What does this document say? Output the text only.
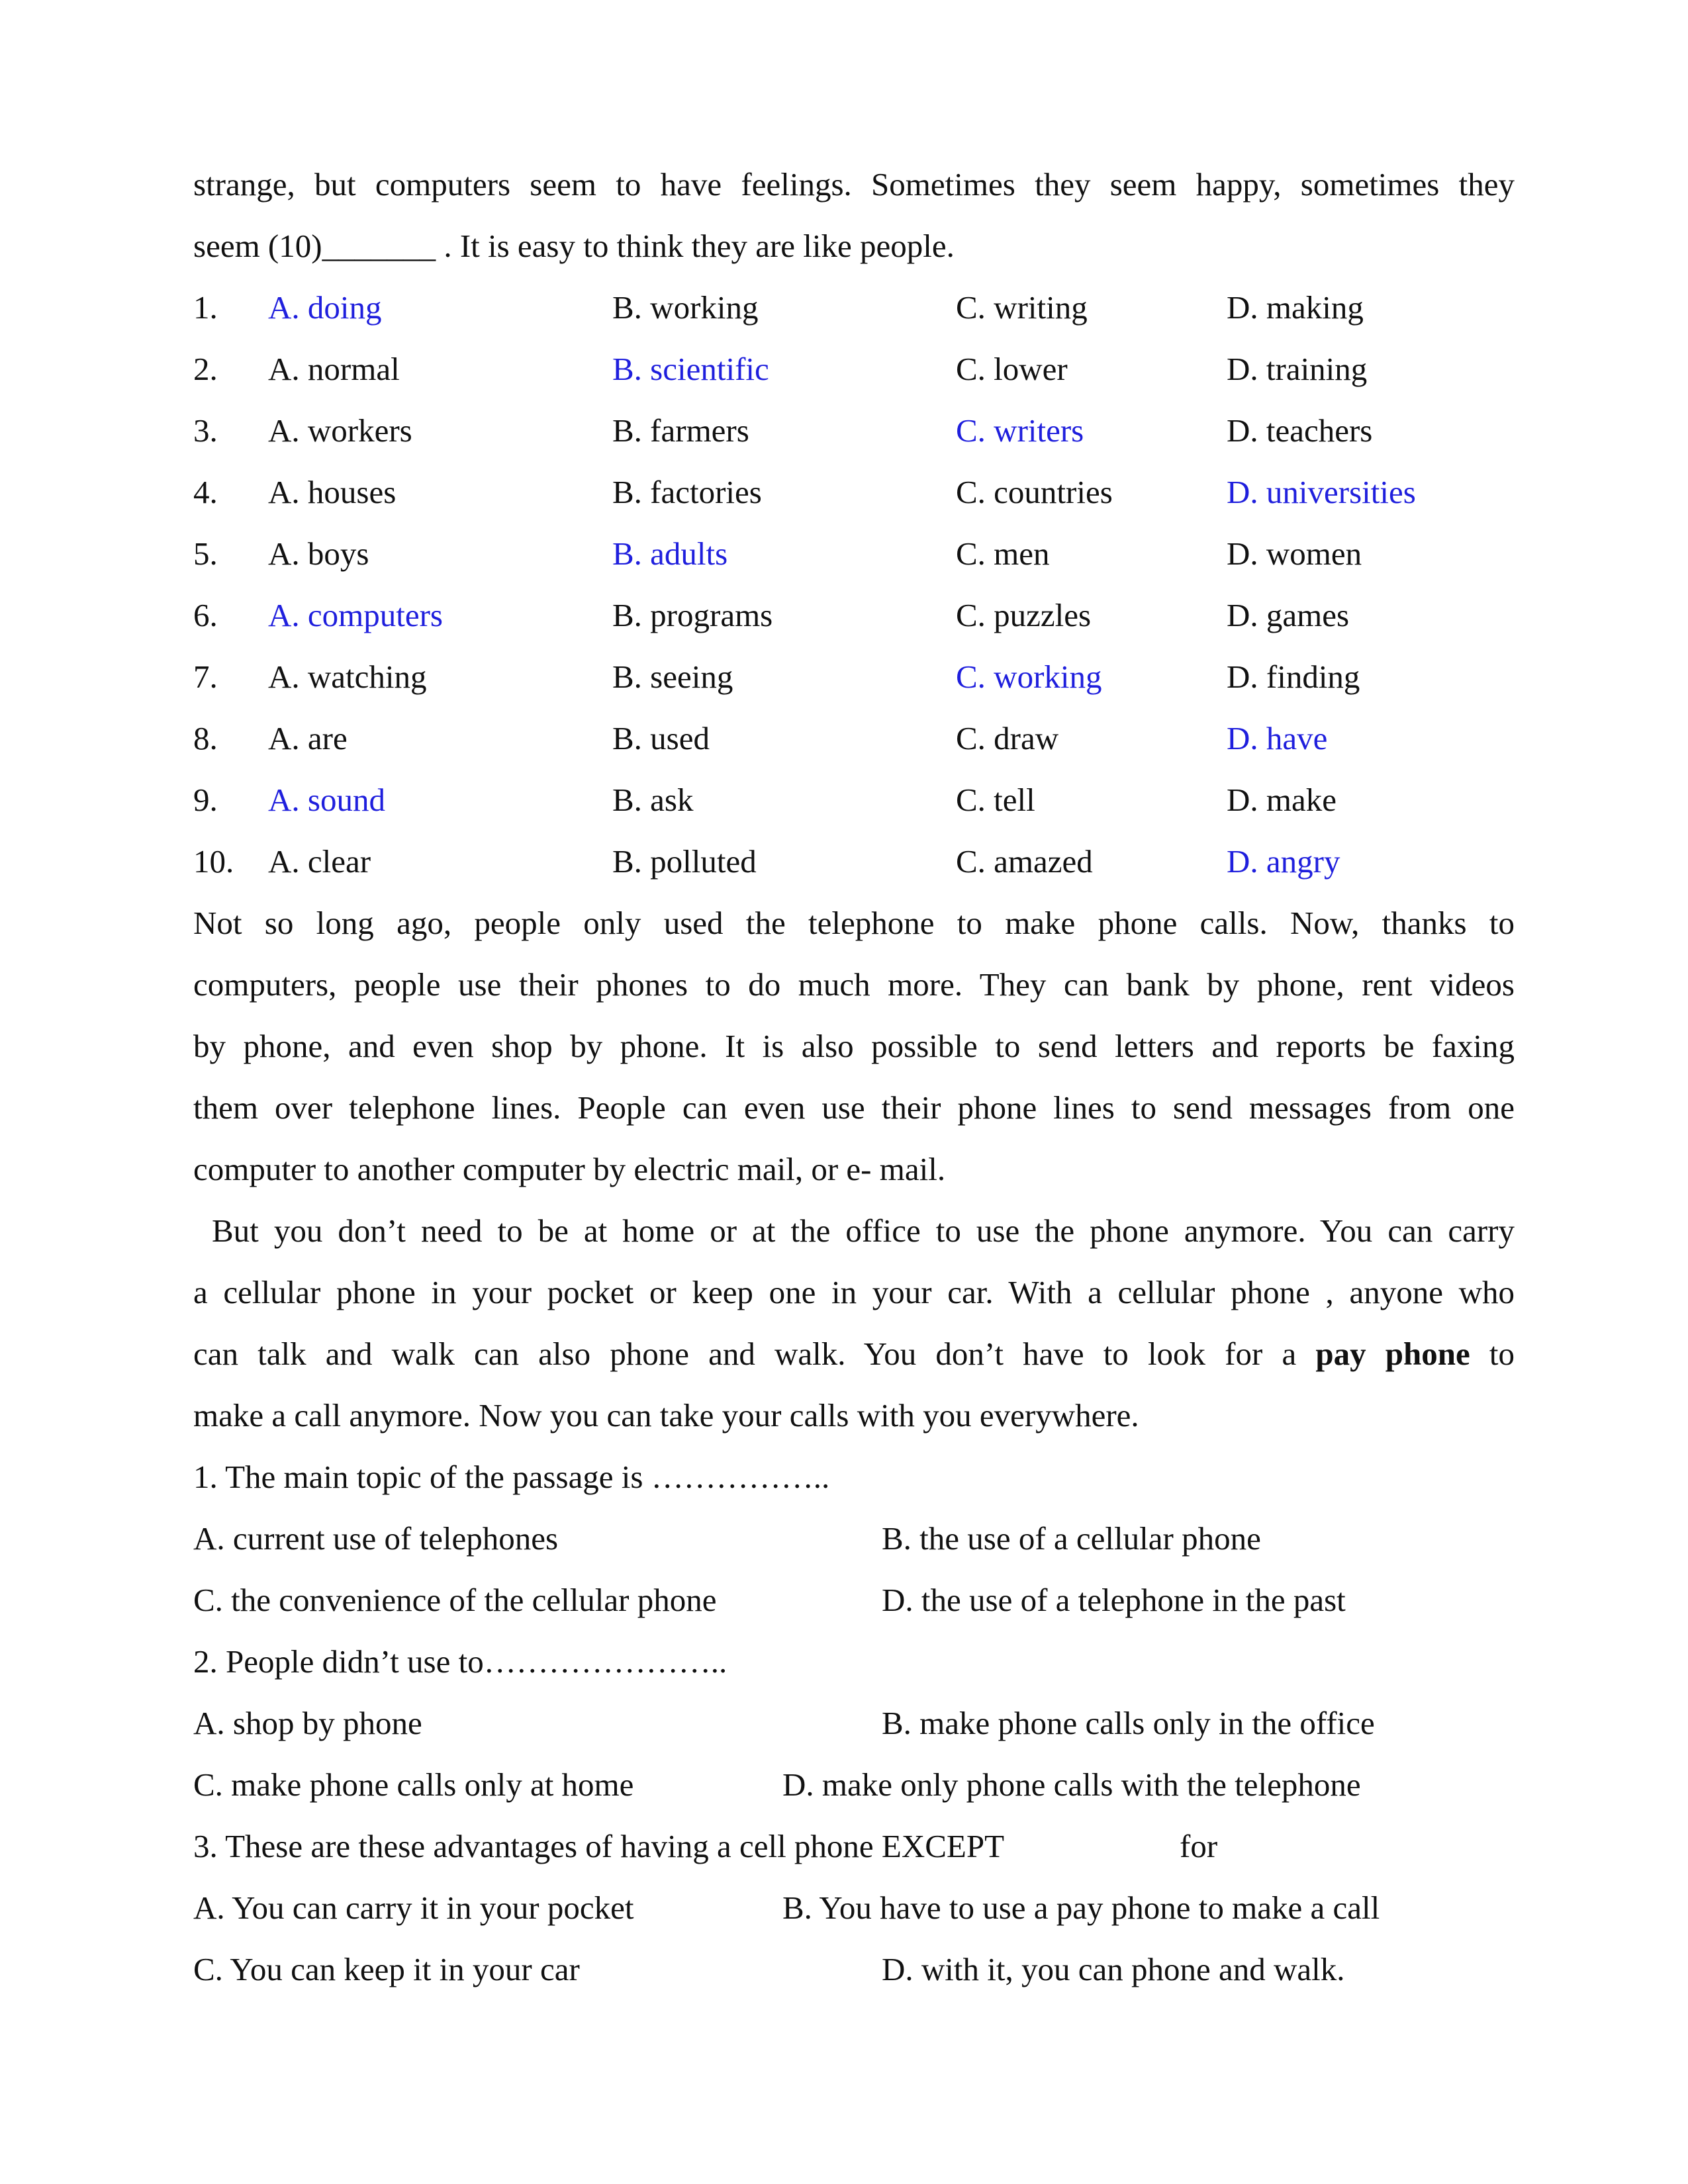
strange, but computers seem to have feelings. Sometimes they seem happy, sometimes they
seem (10)_______ . It is easy to think they are like people.
1. A. doing	B. working	C. writing	D. making
2. A. normal	B. scientific	C. lower	D. training
3. A. workers	B. farmers	C. writers	D. teachers
4. A. houses	B. factories	C. countries	D. universities
5. A. boys	B. adults	C. men	D. women
6. A. computers	B. programs	C. puzzles	D. games
7. A. watching	B. seeing	C. working	D. finding
8. A. are	B. used	C. draw	D. have
9. A. sound	B. ask	C. tell	D. make
10. A. clear	B. polluted	C. amazed	D. angry
Not so long ago, people only used the telephone to make phone calls. Now, thanks to
computers, people use their phones to do much more. They can bank by phone, rent videos
by phone, and even shop by phone. It is also possible to send letters and reports be faxing
them over telephone lines. People can even use their phone lines to send messages from one
computer to another computer by electric mail, or e- mail.
But you don’t need to be at home or at the office to use the phone anymore. You can carry
a cellular phone in your pocket or keep one in your car. With a cellular phone , anyone who
can talk and walk can also phone and walk. You don’t have to look for a pay phone to
make a call anymore. Now you can take your calls with you everywhere.
1. The main topic of the passage is ……………..
A. current use of telephones	B. the use of a cellular phone
C. the convenience of the cellular phone	D. the use of a telephone in the past
2. People didn’t use to…………………..
A. shop by phone	B. make phone calls only in the office
C. make phone calls only at home	D. make only phone calls with the telephone
3. These are these advantages of having a cell phone EXCEPT	for
A. You can carry it in your pocket	B. You have to use a pay phone to make a call
C. You can keep it in your car	D. with it, you can phone and walk.
